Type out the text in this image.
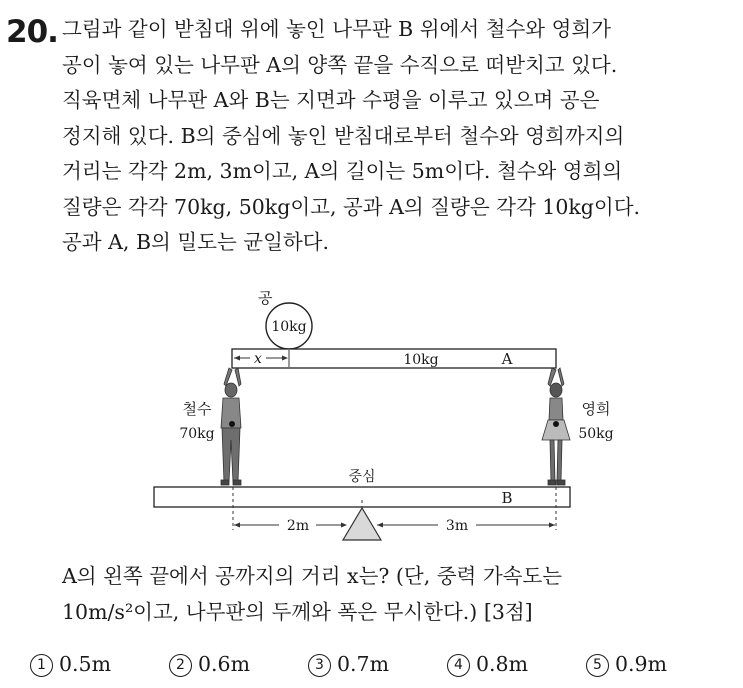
20. 그림과 같이 받침대 위에 놓인 나무판 B 위에서 철수와 영희가
공이 놓여 있는 나무판 A의 양쪽 끝을 수직으로 떠받치고 있다.
직육면체 나무판 A와 B는 지면과 수평을 이루고 있으며 공은
정지해 있다. B의 중심에 놓인 받침대로부터 철수와 영희까지의
거리는 각각 2m, 3m이고, A의 길이는 5m이다. 철수와 영희의
질량은 각각 70kg, 50kg이고, 공과 A의 질량은 각각 10kg이다.
공과 A, B의 밀도는 균일하다.
공
10kg
x	10kg	A
철수
70kg
영희
50kg
중심
B
2m	3m
A의 왼쪽 끝에서 공까지의 거리 x는? (단, 중력 가속도는
10m/s²이고, 나무판의 두께와 폭은 무시한다.) [3점]
1 0.5m	2 0.6m	3 0.7m	4 0.8m	5 0.9m
